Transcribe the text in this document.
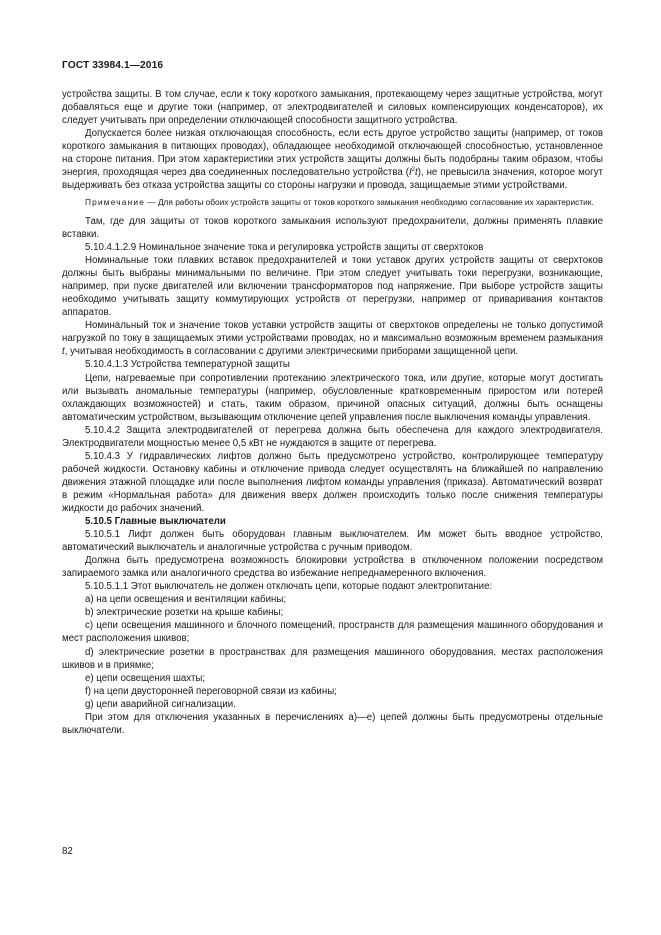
ГОСТ 33984.1—2016

устройства защиты. В том случае, если к току короткого замыкания, протекающему через защитные устройства, могут добавляться еще и другие токи (например, от электродвигателей и силовых компенсирующих конденсаторов), их следует учитывать при определении отключающей способности защитного устройства.

Допускается более низкая отключающая способность, если есть другое устройство защиты (например, от токов короткого замыкания в питающих проводах), обладающее необходимой отключающей способностью, установленное на стороне питания. При этом характеристики этих устройств защиты должны быть подобраны таким образом, чтобы энергия, проходящая через два соединенных последовательно устройства $(I^2t)$, не превысила значения, которое могут выдерживать без отказа устройства защиты со стороны нагрузки и провода, защищаемые этими устройствами.

Примечание — Для работы обоих устройств защиты от токов короткого замыкания необходимо согласование их характеристик.

Там, где для защиты от токов короткого замыкания используют предохранители, должны применять плавкие вставки.

5.10.4.1.2.9 Номинальное значение тока и регулировка устройств защиты от сверхтоков

Номинальные токи плавких вставок предохранителей и токи уставок других устройств защиты от сверхтоков должны быть выбраны минимальными по величине. При этом следует учитывать токи перегрузки, возникающие, например, при пуске двигателей или включении трансформаторов под напряжение. При выборе устройств защиты необходимо учитывать защиту коммутирующих устройств от перегрузки, например от приваривания контактов аппаратов.

Номинальный ток и значение токов уставки устройств защиты от сверхтоков определены не только допустимой нагрузкой по току в защищаемых этими устройствами проводах, но и максимально возможным временем размыкания t, учитывая необходимость в согласовании с другими электрическими приборами защищенной цепи.

5.10.4.1.3 Устройства температурной защиты

Цепи, нагреваемые при сопротивлении протеканию электрического тока, или другие, которые могут достигать или вызывать аномальные температуры (например, обусловленные кратковременным приростом или потерей охлаждающих возможностей) и стать, таким образом, причиной опасных ситуаций, должны быть оснащены автоматическим устройством, вызывающим отключение цепей управления после выключения команды управления.

5.10.4.2 Защита электродвигателей от перегрева должна быть обеспечена для каждого электродвигателя. Электродвигатели мощностью менее 0,5 кВт не нуждаются в защите от перегрева.

5.10.4.3 У гидравлических лифтов должно быть предусмотрено устройство, контролирующее температуру рабочей жидкости. Остановку кабины и отключение привода следует осуществлять на ближайшей по направлению движения этажной площадке или после выполнения лифтом команды управления (приказа). Автоматический возврат в режим «Нормальная работа» для движения вверх должен происходить только после снижения температуры жидкости до рабочих значений.

5.10.5 Главные выключатели

5.10.5.1 Лифт должен быть оборудован главным выключателем. Им может быть вводное устройство, автоматический выключатель и аналогичные устройства с ручным приводом.

Должна быть предусмотрена возможность блокировки устройства в отключенном положении посредством запираемого замка или аналогичного средства во избежание непреднамеренного включения.

5.10.5.1.1 Этот выключатель не должен отключать цепи, которые подают электропитание:

a) на цепи освещения и вентиляции кабины;

b) электрические розетки на крыше кабины;

c) цепи освещения машинного и блочного помещений, пространств для размещения машинного оборудования и мест расположения шкивов;

d) электрические розетки в пространствах для размещения машинного оборудования, местах расположения шкивов и в приямке;

e) цепи освещения шахты;

f) на цепи двусторонней переговорной связи из кабины;

g) цепи аварийной сигнализации.

При этом для отключения указанных в перечислениях а)—е) цепей должны быть предусмотрены отдельные выключатели.

82
